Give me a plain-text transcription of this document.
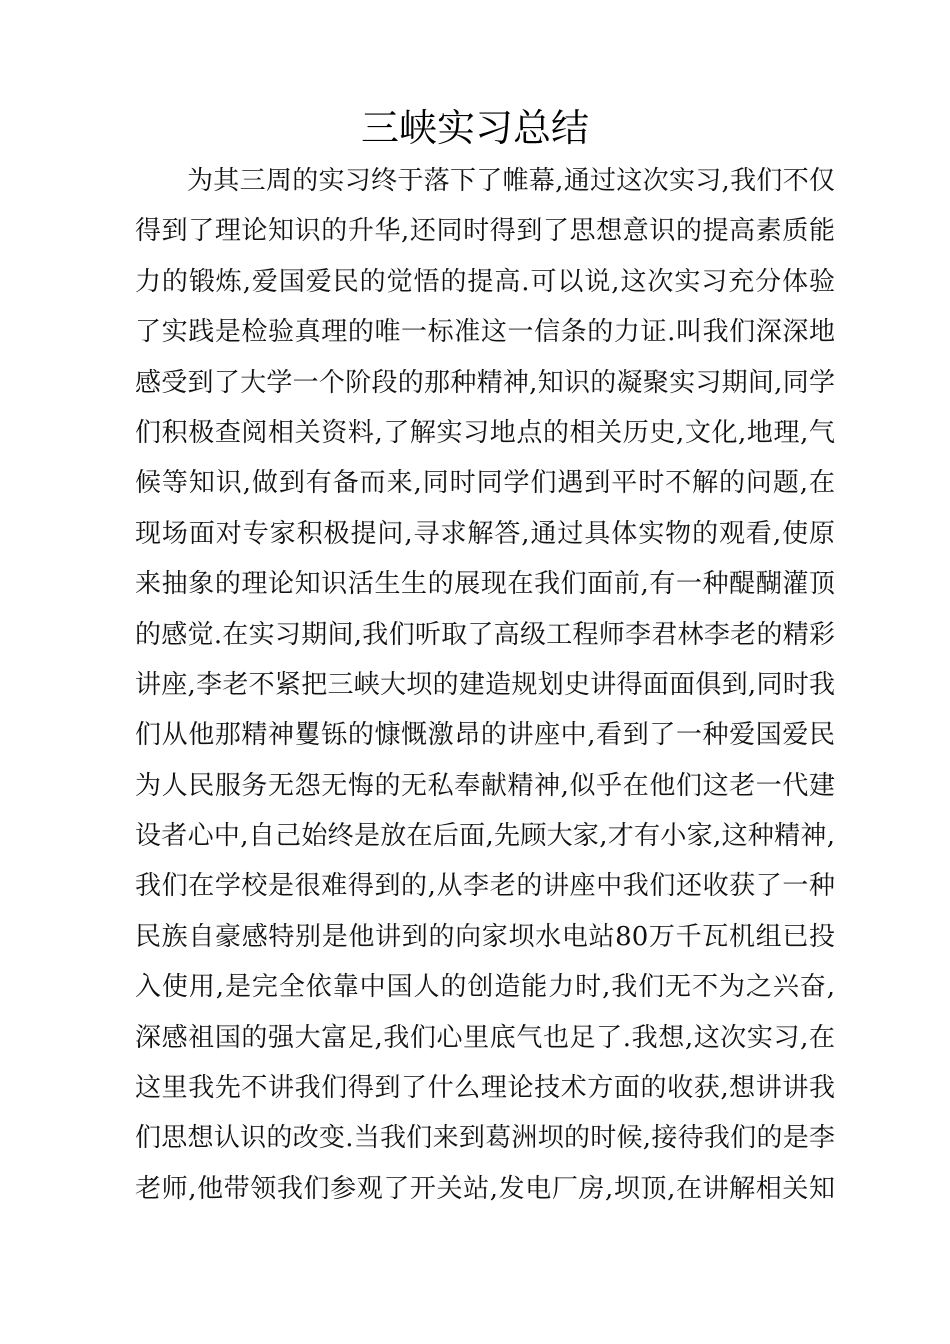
三峡实习总结
为其三周的实习终于落下了帷幕,通过这次实习,我们不仅
得到了理论知识的升华,还同时得到了思想意识的提高素质能
力的锻炼,爱国爱民的觉悟的提高.可以说,这次实习充分体验
了实践是检验真理的唯一标准这一信条的力证.叫我们深深地
感受到了大学一个阶段的那种精神,知识的凝聚实习期间,同学
们积极查阅相关资料,了解实习地点的相关历史,文化,地理,气
候等知识,做到有备而来,同时同学们遇到平时不解的问题,在
现场面对专家积极提问,寻求解答,通过具体实物的观看,使原
来抽象的理论知识活生生的展现在我们面前,有一种醍醐灌顶
的感觉.在实习期间,我们听取了高级工程师李君林李老的精彩
讲座,李老不紧把三峡大坝的建造规划史讲得面面俱到,同时我
们从他那精神矍铄的慷慨激昂的讲座中,看到了一种爱国爱民
为人民服务无怨无悔的无私奉献精神,似乎在他们这老一代建
设者心中,自己始终是放在后面,先顾大家,才有小家,这种精神,
我们在学校是很难得到的,从李老的讲座中我们还收获了一种
民族自豪感特别是他讲到的向家坝水电站80万千瓦机组已投
入使用,是完全依靠中国人的创造能力时,我们无不为之兴奋,
深感祖国的强大富足,我们心里底气也足了.我想,这次实习,在
这里我先不讲我们得到了什么理论技术方面的收获,想讲讲我
们思想认识的改变.当我们来到葛洲坝的时候,接待我们的是李
老师,他带领我们参观了开关站,发电厂房,坝顶,在讲解相关知
